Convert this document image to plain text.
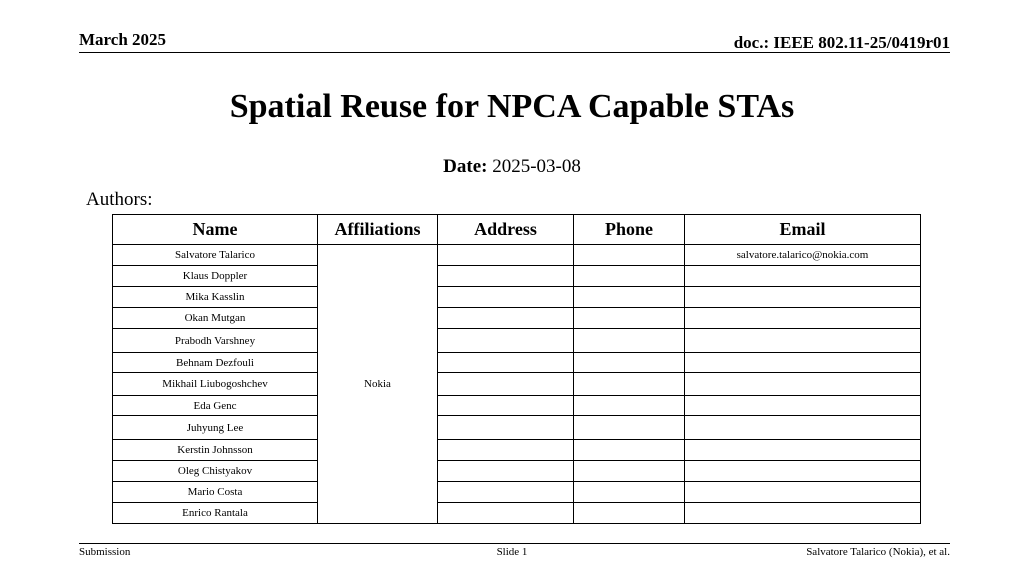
March 2025	doc.: IEEE 802.11-25/0419r01
Spatial Reuse for NPCA Capable STAs
Date: 2025-03-08
Authors:
Name	Affiliations	Address	Phone	Email
Salvatore Talarico	Nokia			salvatore.talarico@nokia.com
Klaus Doppler				
Mika Kasslin				
Okan Mutgan				
Prabodh Varshney				
Behnam Dezfouli				
Mikhail Liubogoshchev				
Eda Genc				
Juhyung Lee				
Kerstin Johnsson				
Oleg Chistyakov				
Mario Costa				
Enrico Rantala				
Submission	Slide 1	Salvatore Talarico (Nokia), et al.
